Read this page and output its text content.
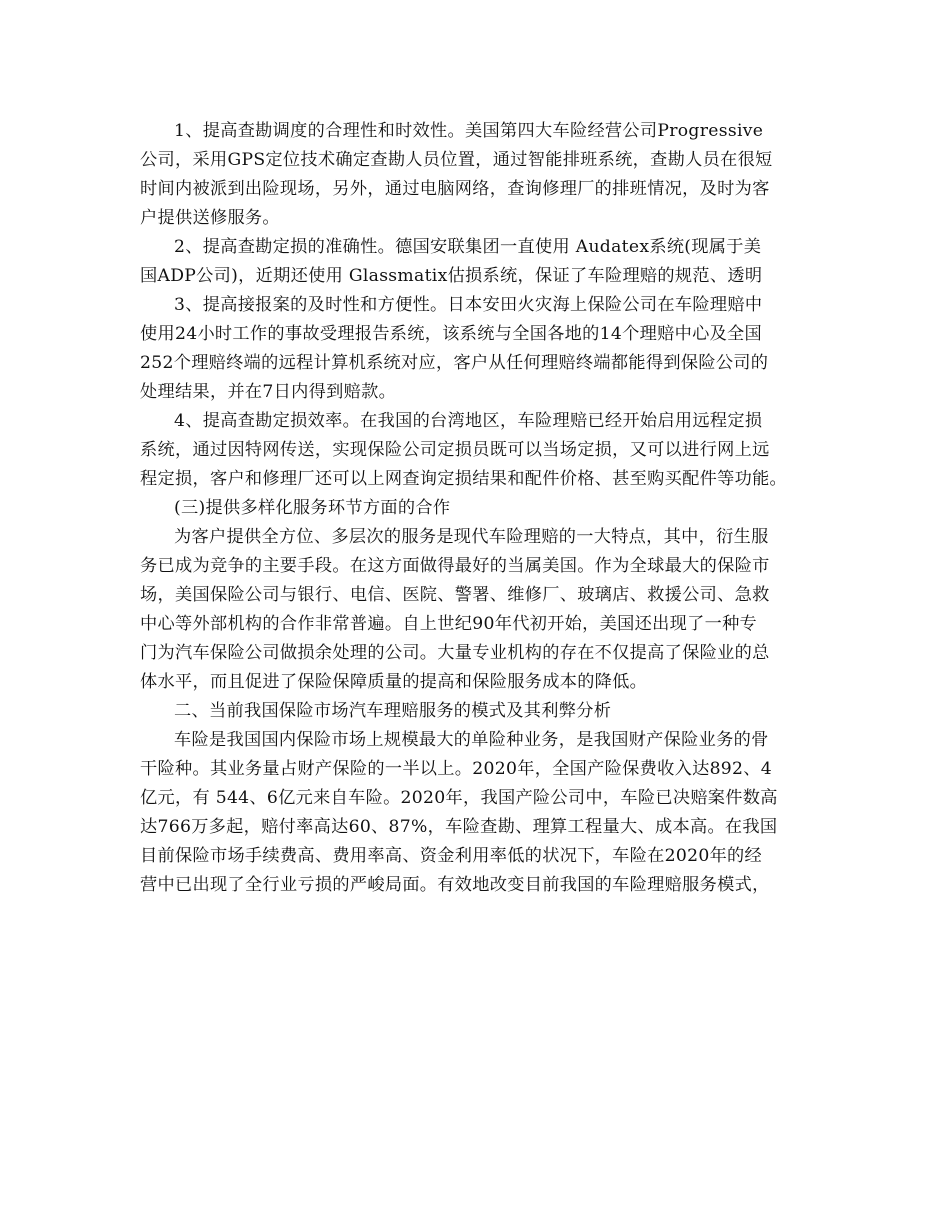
1、提高查勘调度的合理性和时效性。美国第四大车险经营公司Progressive
公司，采用GPS定位技术确定查勘人员位置，通过智能排班系统，查勘人员在很短
时间内被派到出险现场，另外，通过电脑网络，查询修理厂的排班情况，及时为客
户提供送修服务。
2、提高查勘定损的准确性。德国安联集团一直使用 Audatex系统(现属于美
国ADP公司)，近期还使用 Glassmatix估损系统，保证了车险理赔的规范、透明
3、提高接报案的及时性和方便性。日本安田火灾海上保险公司在车险理赔中
使用24小时工作的事故受理报告系统，该系统与全国各地的14个理赔中心及全国
252个理赔终端的远程计算机系统对应，客户从任何理赔终端都能得到保险公司的
处理结果，并在7日内得到赔款。
4、提高查勘定损效率。在我国的台湾地区，车险理赔已经开始启用远程定损
系统，通过因特网传送，实现保险公司定损员既可以当场定损，又可以进行网上远
程定损，客户和修理厂还可以上网查询定损结果和配件价格、甚至购买配件等功能。
(三)提供多样化服务环节方面的合作
为客户提供全方位、多层次的服务是现代车险理赔的一大特点，其中，衍生服
务已成为竞争的主要手段。在这方面做得最好的当属美国。作为全球最大的保险市
场，美国保险公司与银行、电信、医院、警署、维修厂、玻璃店、救援公司、急救
中心等外部机构的合作非常普遍。自上世纪90年代初开始，美国还出现了一种专
门为汽车保险公司做损余处理的公司。大量专业机构的存在不仅提高了保险业的总
体水平，而且促进了保险保障质量的提高和保险服务成本的降低。
二、当前我国保险市场汽车理赔服务的模式及其利弊分析
车险是我国国内保险市场上规模最大的单险种业务，是我国财产保险业务的骨
干险种。其业务量占财产保险的一半以上。2020年，全国产险保费收入达892、4
亿元，有 544、6亿元来自车险。2020年，我国产险公司中，车险已决赔案件数高
达766万多起，赔付率高达60、87%，车险查勘、理算工程量大、成本高。在我国
目前保险市场手续费高、费用率高、资金利用率低的状况下，车险在2020年的经
营中已出现了全行业亏损的严峻局面。有效地改变目前我国的车险理赔服务模式，
